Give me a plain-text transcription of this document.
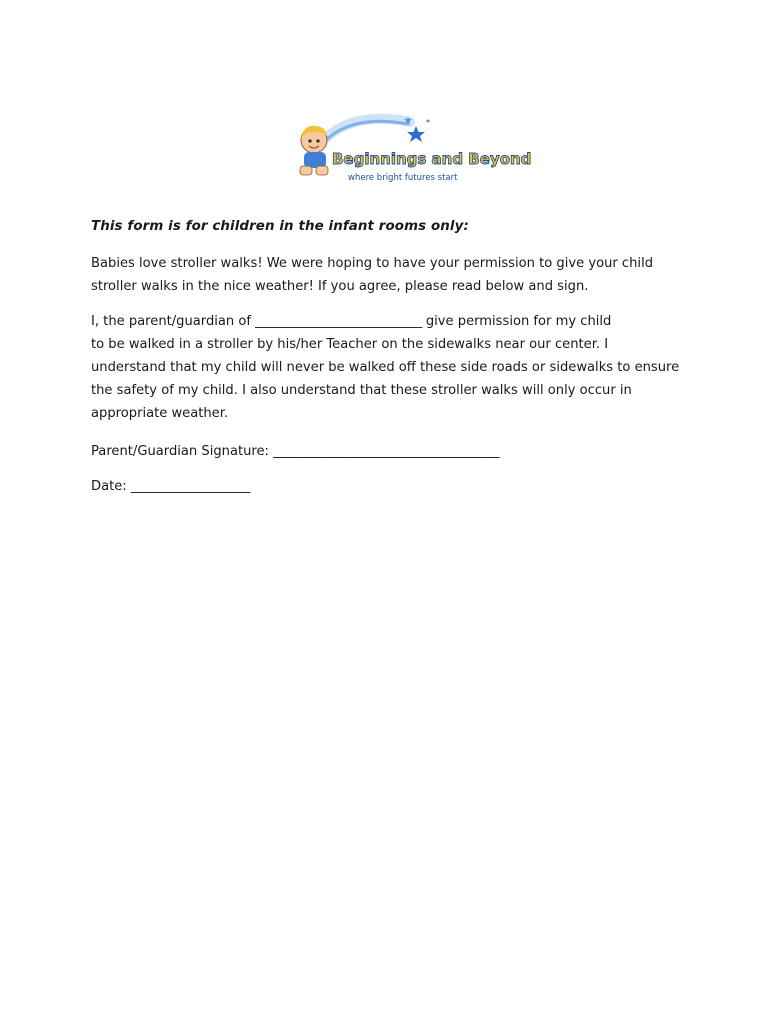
Beginnings and Beyond
where bright futures start
This form is for children in the infant rooms only:
Babies love stroller walks! We were hoping to have your permission to give your child
stroller walks in the nice weather! If you agree, please read below and sign.
I, the parent/guardian of ____________________________ give permission for my child
to be walked in a stroller by his/her Teacher on the sidewalks near our center. I
understand that my child will never be walked off these side roads or sidewalks to ensure
the safety of my child. I also understand that these stroller walks will only occur in
appropriate weather.
Parent/Guardian Signature: ______________________________________
Date: ____________________
